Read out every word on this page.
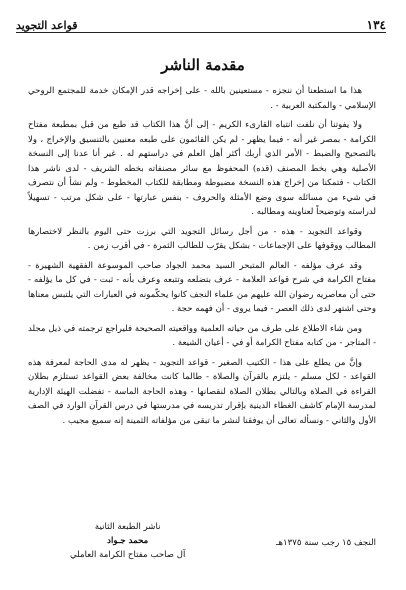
١٣٤
قواعد التجويد
مقدمة الناشر

هذا ما استطعنا أن ننجزه - مستعينين بالله - على إخراجه قدر الإمكان خدمة للمجتمع الروحي الإسلامي - والمكتبة العربية - .

ولا يفوتنا أن نلفت انتباه القارىء الكريم - إلى أنَّ هذا الكتاب قد طبع من قبل بمطبعة مفتاح الكرامة - بمصر غير أنه - فيما يظهر - لم يكن القائمون على طبعه معنيين بالتنسيق والإخراج ، ولا بالتصحيح والضبط - الأمر الذي أربك أكثر أهل العلم في دراستهم له . غير أنا عدنا إلى النسخة الأصلية وهي بخط المصنف (قده) المحفوظ مع سائر مصنفاته بخطه الشريف - لدى ناشر هذا الكتاب - فتمكنا من إخراج هذه النسخة مضبوطة ومطابقة للكتاب المخطوط - ولم نشأ أن نتصرف في شيء من مسائله سوى وضع الأمثلة والحروف - بنفس عبارتها - على شكل مرتب - تسهيلاً لدراسته وتوضيحاً لعناوينه ومطالبه .

وقواعد التجويد - هذه - من أجل رسائل التجويد التي برزت حتى اليوم بالنظر لاختصارها المطالب ووقوفها على الإجماعات - بشكل يقرّب للطالب الثمرة - في أقرب زمن .

وقد عرف مؤلفه - العالم المتبحر السيد محمد الجواد صاحب الموسوعة الفقهية الشهيرة - مفتاح الكرامة في شرح قواعد العلامة - عرف بتضلعه وتتبعه وعرف بأنه - ثبت - في كل ما يؤلفه - حتى أن معاصريه رضوان الله عليهم من علماء النجف كانوا يحكّمونه في العبارات التي يلتبس معناها وحتى اشتهر لدى ذلك العصر - فيما يروى - أن فهمه حجة .

ومن شاء الاطلاع على طرف من حياته العلمية وواقعيته الصحيحة فليراجع ترجمته في ذيل مجلد - المتاجر - من كتابه مفتاح الكرامة أو في - أعيان الشيعة .

وإنَّ من يطلع على هذا - الكتيب الصغير - قواعد التجويد - يظهر له مدى الحاجة لمعرفة هذه القواعد - لكل مسلم - يلتزم بالقرآن والصلاة - طالما كانت مخالفة بعض القواعد تستلزم بطلان القراءة في الصلاة وبالتالي بطلان الصلاة لنقصانها - وهذه الحاجة الماسة - تفضلت الهيئة الإدارية لمدرسة الإمام كاشف الغطاء الدينية بإقرار تدريسه في مدرستها في درس القرآن الوارد في الصف الأول والثاني - ونسأله تعالى أن يوفقنا لنشر ما تبقى من مؤلفاته الثمينة إنه سميع مجيب .

النجف ١٥ رجب سنة ١٣٧٥هـ
ناشر الطبعة الثانية
محمد جـواد
آل صاحب مفتاح الكرامة العاملي
